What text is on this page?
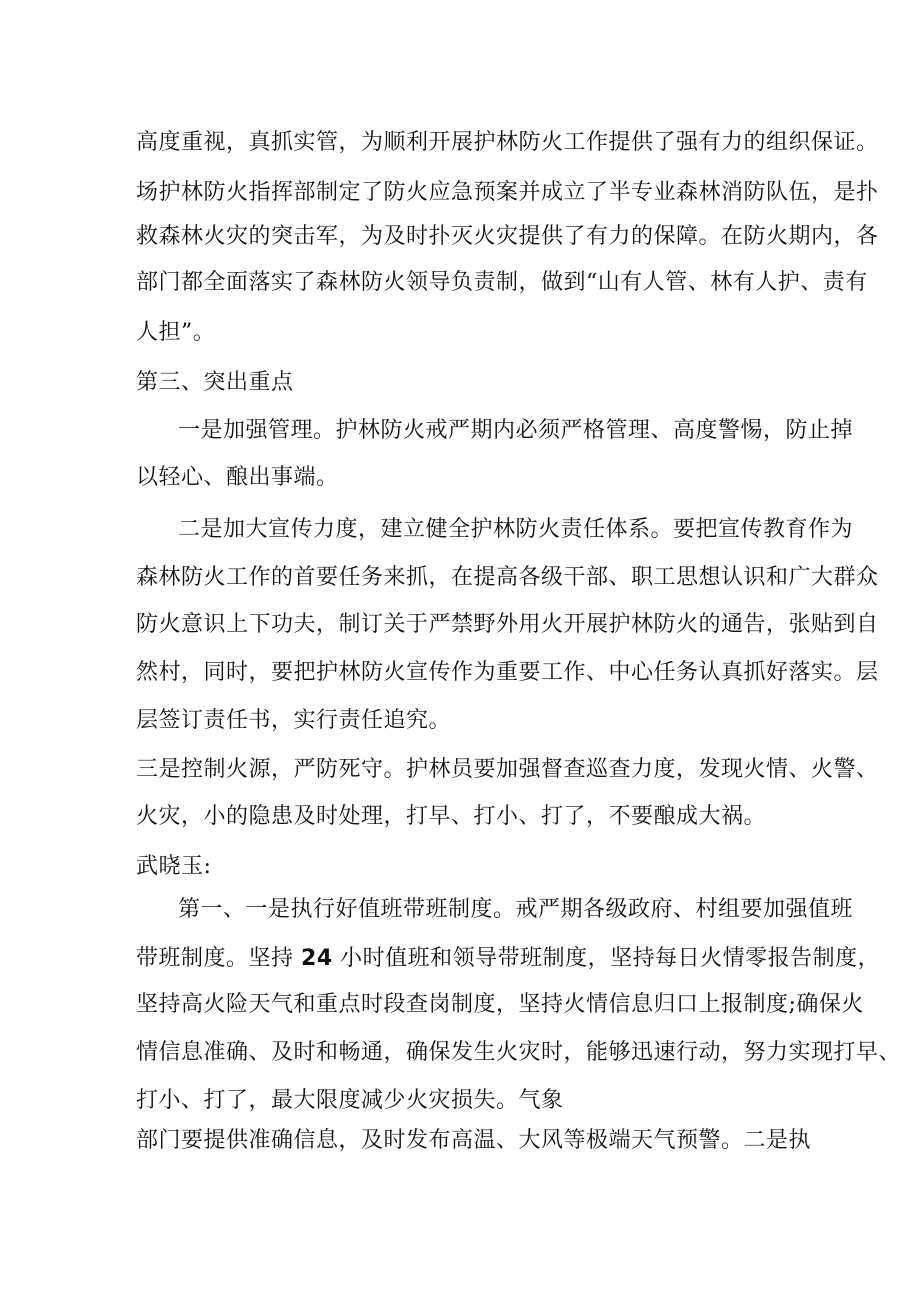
高度重视，真抓实管，为顺利开展护林防火工作提供了强有力的组织保证。
场护林防火指挥部制定了防火应急预案并成立了半专业森林消防队伍，是扑
救森林火灾的突击军，为及时扑灭火灾提供了有力的保障。在防火期内，各
部门都全面落实了森林防火领导负责制，做到“山有人管、林有人护、责有
人担”。
第三、突出重点
一是加强管理。护林防火戒严期内必须严格管理、高度警惕，防止掉
以轻心、酿出事端。
二是加大宣传力度，建立健全护林防火责任体系。要把宣传教育作为
森林防火工作的首要任务来抓，在提高各级干部、职工思想认识和广大群众
防火意识上下功夫，制订关于严禁野外用火开展护林防火的通告，张贴到自
然村，同时，要把护林防火宣传作为重要工作、中心任务认真抓好落实。层
层签订责任书，实行责任追究。
三是控制火源，严防死守。护林员要加强督查巡查力度，发现火情、火警、
火灾，小的隐患及时处理，打早、打小、打了，不要酿成大祸。
武晓玉:
第一、一是执行好值班带班制度。戒严期各级政府、村组要加强值班
带班制度。坚持 24 小时值班和领导带班制度，坚持每日火情零报告制度，
坚持高火险天气和重点时段查岗制度，坚持火情信息归口上报制度;确保火
情信息准确、及时和畅通，确保发生火灾时，能够迅速行动，努力实现打早、
打小、打了，最大限度减少火灾损失。气象
部门要提供准确信息，及时发布高温、大风等极端天气预警。二是执
